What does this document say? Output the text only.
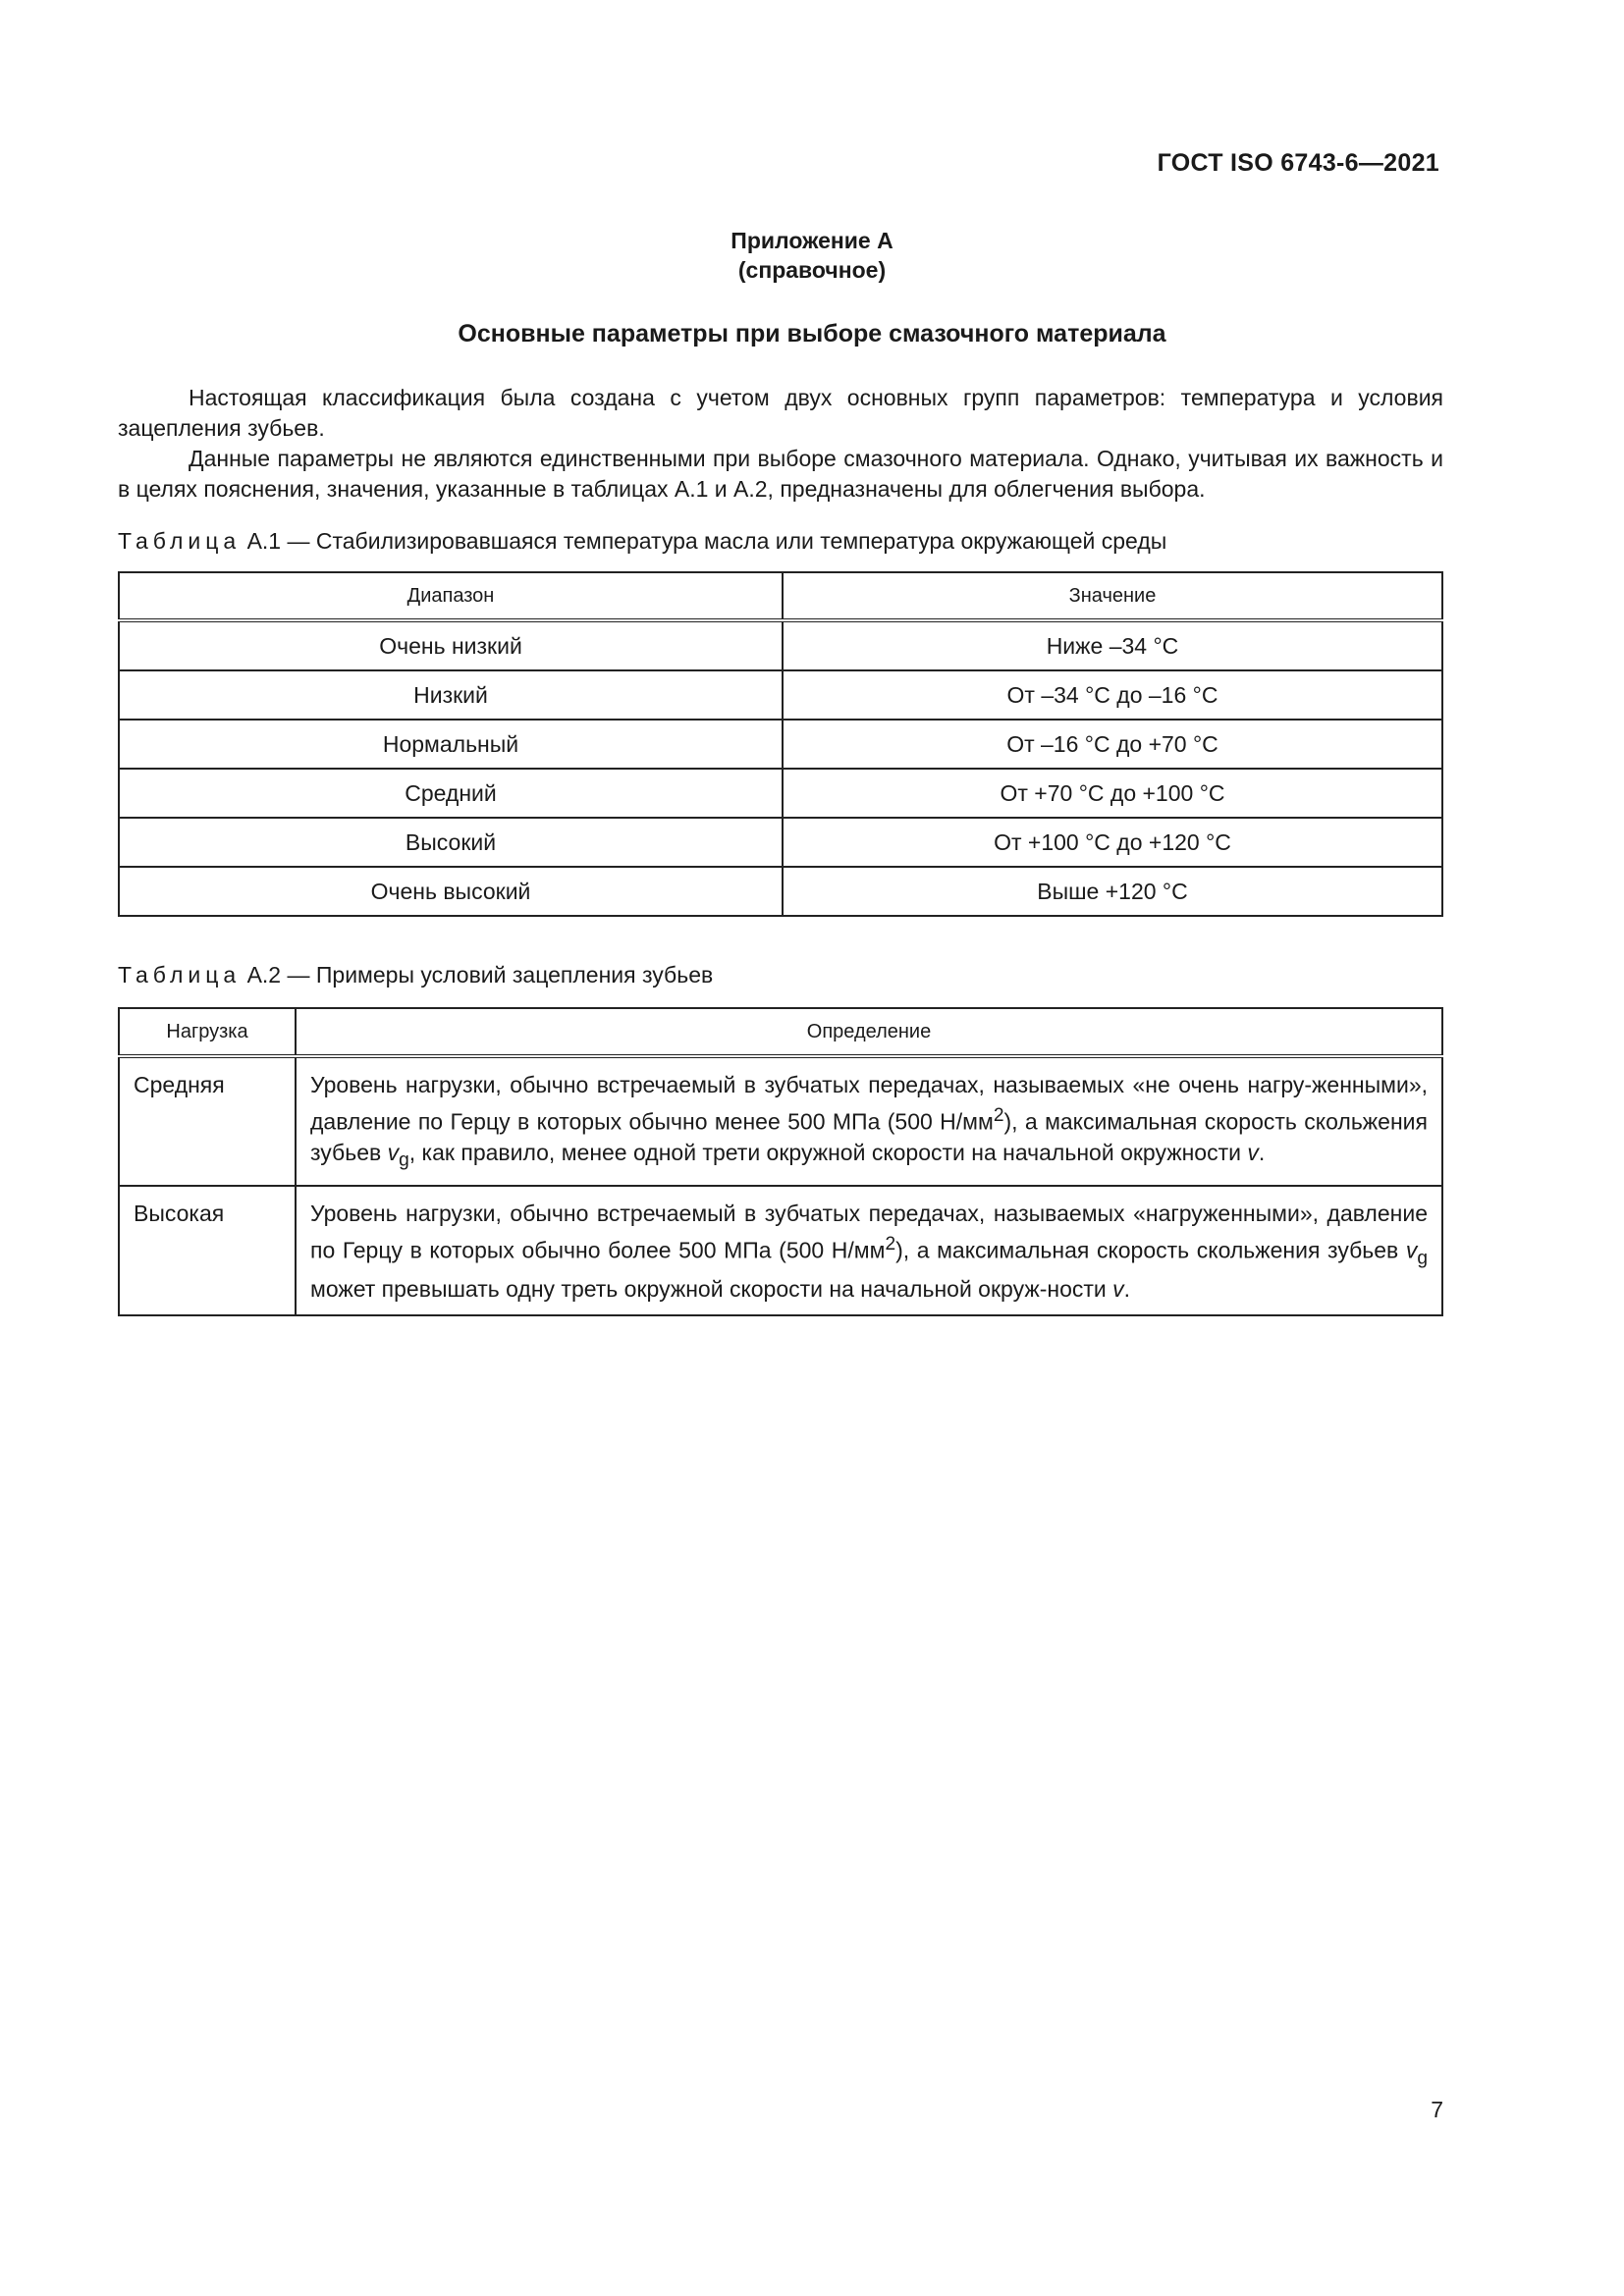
ГОСТ ISO 6743-6—2021
Приложение А
(справочное)
Основные параметры при выборе смазочного материала

Настоящая классификация была создана с учетом двух основных групп параметров: температура и условия зацепления зубьев.

Данные параметры не являются единственными при выборе смазочного материала. Однако, учитывая их важность и в целях пояснения, значения, указанные в таблицах А.1 и А.2, предназначены для облегчения выбора.

Таблица А.1 — Стабилизировавшаяся температура масла или температура окружающей среды
Диапазон	Значение
Очень низкий	Ниже –34 °C
Низкий	От –34 °C до –16 °C
Нормальный	От –16 °C до +70 °C
Средний	От +70 °C до +100 °C
Высокий	От +100 °C до +120 °C
Очень высокий	Выше +120 °C
Таблица А.2 — Примеры условий зацепления зубьев
Нагрузка	Определение
Средняя	Уровень нагрузки, обычно встречаемый в зубчатых передачах, называемых «не очень нагру-женными», давление по Герцу в которых обычно менее 500 МПа (500 $Н/мм^2$), а максимальная скорость скольжения зубьев $v_g$, как правило, менее одной трети окружной скорости на начальной окружности v.
Высокая	Уровень нагрузки, обычно встречаемый в зубчатых передачах, называемых «нагруженными», давление по Герцу в которых обычно более 500 МПа (500 $Н/мм^2$), а максимальная скорость скольжения зубьев $v_g$ может превышать одну треть окружной скорости на начальной окруж-ности v.
7
